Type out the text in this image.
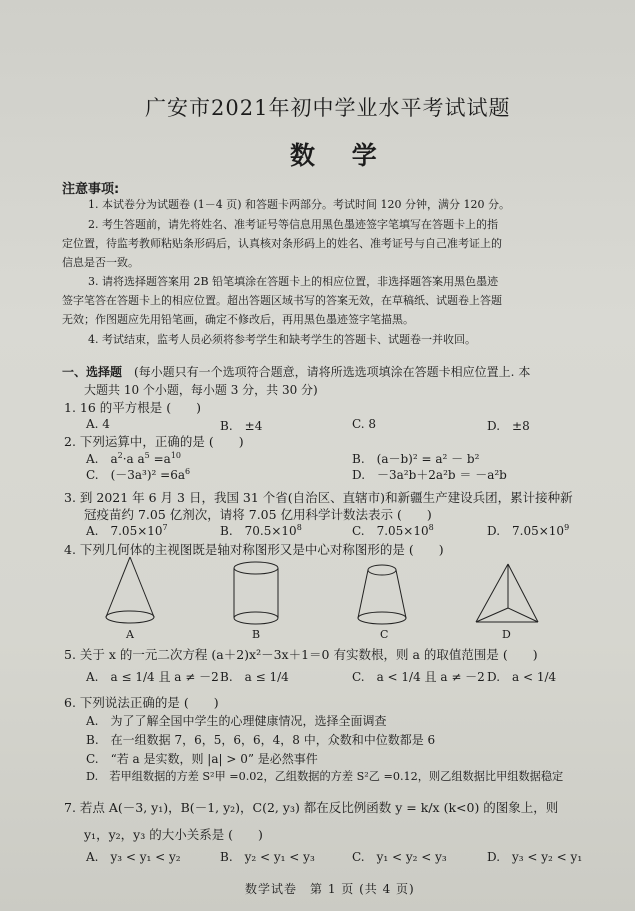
广安市2021年初中学业水平考试试题
数 学
注意事项:
1. 本试卷分为试题卷 (1－4 页) 和答题卡两部分。考试时间 120 分钟，满分 120 分。
2. 考生答题前，请先将姓名、准考证号等信息用黑色墨迹签字笔填写在答题卡上的指
定位置，待监考教师粘贴条形码后，认真核对条形码上的姓名、准考证号与自己准考证上的
信息是否一致。
3. 请将选择题答案用 2B 铅笔填涂在答题卡上的相应位置，非选择题答案用黑色墨迹
签字笔答在答题卡上的相应位置。超出答题区域书写的答案无效，在草稿纸、试题卷上答题
无效；作图题应先用铅笔画，确定不修改后，再用黑色墨迹签字笔描黑。
4. 考试结束，监考人员必须将参考学生和缺考学生的答题卡、试题卷一并收回。
一、选择题 (每小题只有一个选项符合题意，请将所选选项填涂在答题卡相应位置上. 本
大题共 10 个小题，每小题 3 分，共 30 分)
1. 16 的平方根是 (　　)
A. 4	B.　±4	C. 8	D.　±8
2. 下列运算中，正确的是 (　　)
A.　$a^2\cdot a$ $a^5 =a^{10}$	B.　(a－b)² = a² － b²
C.　$(-3a^3)^2 =6a^6$	D.　－3a²b＋2a²b ＝ －a²b
3. 到 2021 年 6 月 3 日，我国 31 个省(自治区、直辖市)和新疆生产建设兵团，累计接种新
冠疫苗约 7.05 亿剂次，请将 7.05 亿用科学计数法表示 (　　)
A.　$7.05\times 10^7$	B.　$70.5\times 10^8$	C.　$7.05\times 10^8$	D.　$7.05\times 10^9$
4. 下列几何体的主视图既是轴对称图形又是中心对称图形的是 (　　)
A	B	C	D
5. 关于 x 的一元二次方程 (a＋2)x²－3x＋1＝0 有实数根，则 a 的取值范围是 (　　)
A.　a ≤ 1/4 且 a ≠ －2 B.　a ≤ 1/4	C.　a < 1/4 且 a ≠ －2 D.　a < 1/4
6. 下列说法正确的是 (　　)
A.　为了了解全国中学生的心理健康情况，选择全面调查
B.　在一组数据 7，6，5，6，6，4，8 中，众数和中位数都是 6
C.　“若 a 是实数，则 |a| > 0” 是必然事件
D.　若甲组数据的方差 S²甲 =0.02，乙组数据的方差 S²乙 =0.12，则乙组数据比甲组数据稳定
7. 若点 A(－3, y₁)，B(－1, y₂)，C(2, y₃) 都在反比例函数 y = k/x (k<0) 的图象上，则
y₁，y₂，y₃ 的大小关系是 (　　)
A.　y₃ < y₁ < y₂	B.　y₂ < y₁ < y₃	C.　y₁ < y₂ < y₃	D.　y₃ < y₂ < y₁
数学试卷　第 1 页 (共 4 页)
